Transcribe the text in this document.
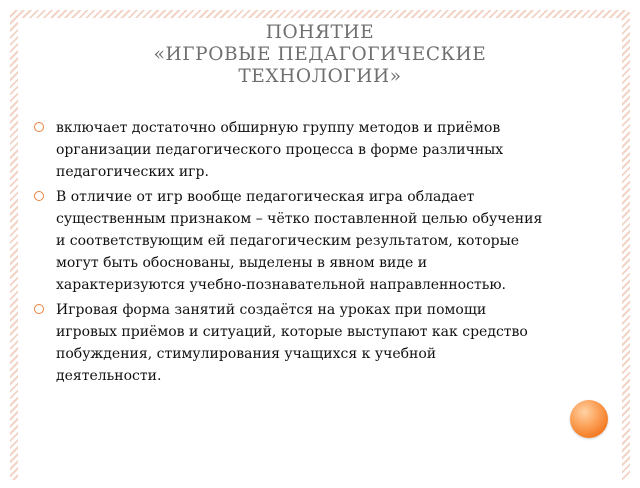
ПОНЯТИЕ
«ИГРОВЫЕ ПЕДАГОГИЧЕСКИЕ
ТЕХНОЛОГИИ»
включает достаточно обширную группу методов и приёмов организации педагогического процесса в форме различных педагогических игр.
В отличие от игр вообще педагогическая игра обладает существенным признаком – чётко поставленной целью обучения и соответствующим ей педагогическим результатом, которые могут быть обоснованы, выделены в явном виде и характеризуются учебно-познавательной направленностью.
Игровая форма занятий создаётся на уроках при помощи игровых приёмов и ситуаций, которые выступают как средство побуждения, стимулирования учащихся к учебной деятельности.
